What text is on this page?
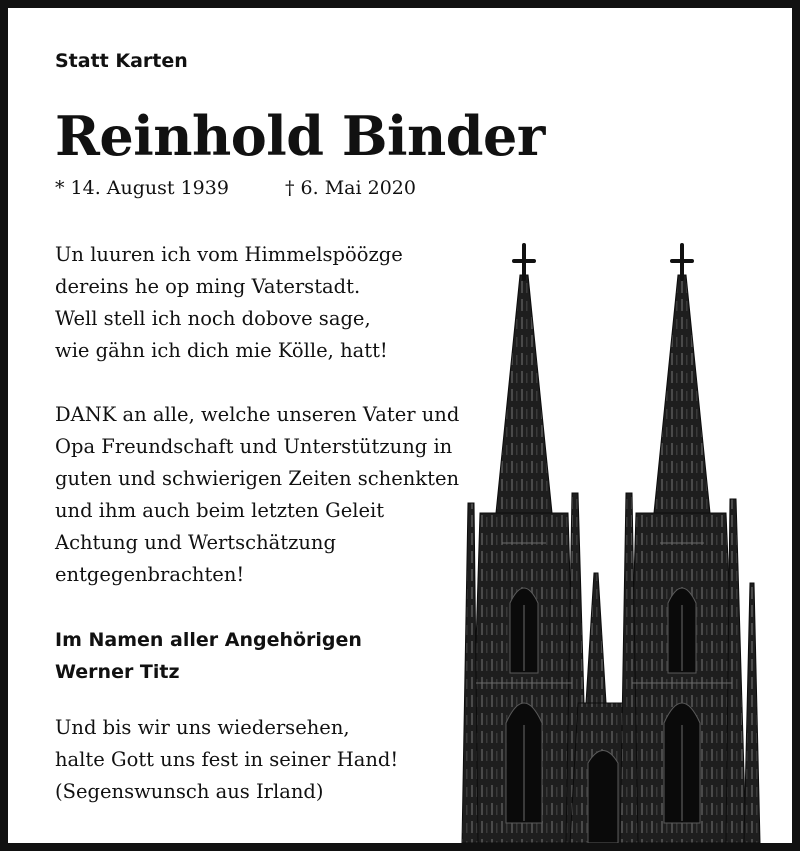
Statt Karten
Reinhold Binder
* 14. August 1939	† 6. Mai 2020
Un luuren ich vom Himmelspöözge
dereins he op ming Vaterstadt.
Well stell ich noch dobove sage,
wie gähn ich dich mie Kölle, hatt!
DANK an alle, welche unseren Vater und
Opa Freundschaft und Unterstützung in
guten und schwierigen Zeiten schenkten
und ihm auch beim letzten Geleit
Achtung und Wertschätzung
entgegenbrachten!
Im Namen aller Angehörigen
Werner Titz
Und bis wir uns wiedersehen,
halte Gott uns fest in seiner Hand!
(Segenswunsch aus Irland)
